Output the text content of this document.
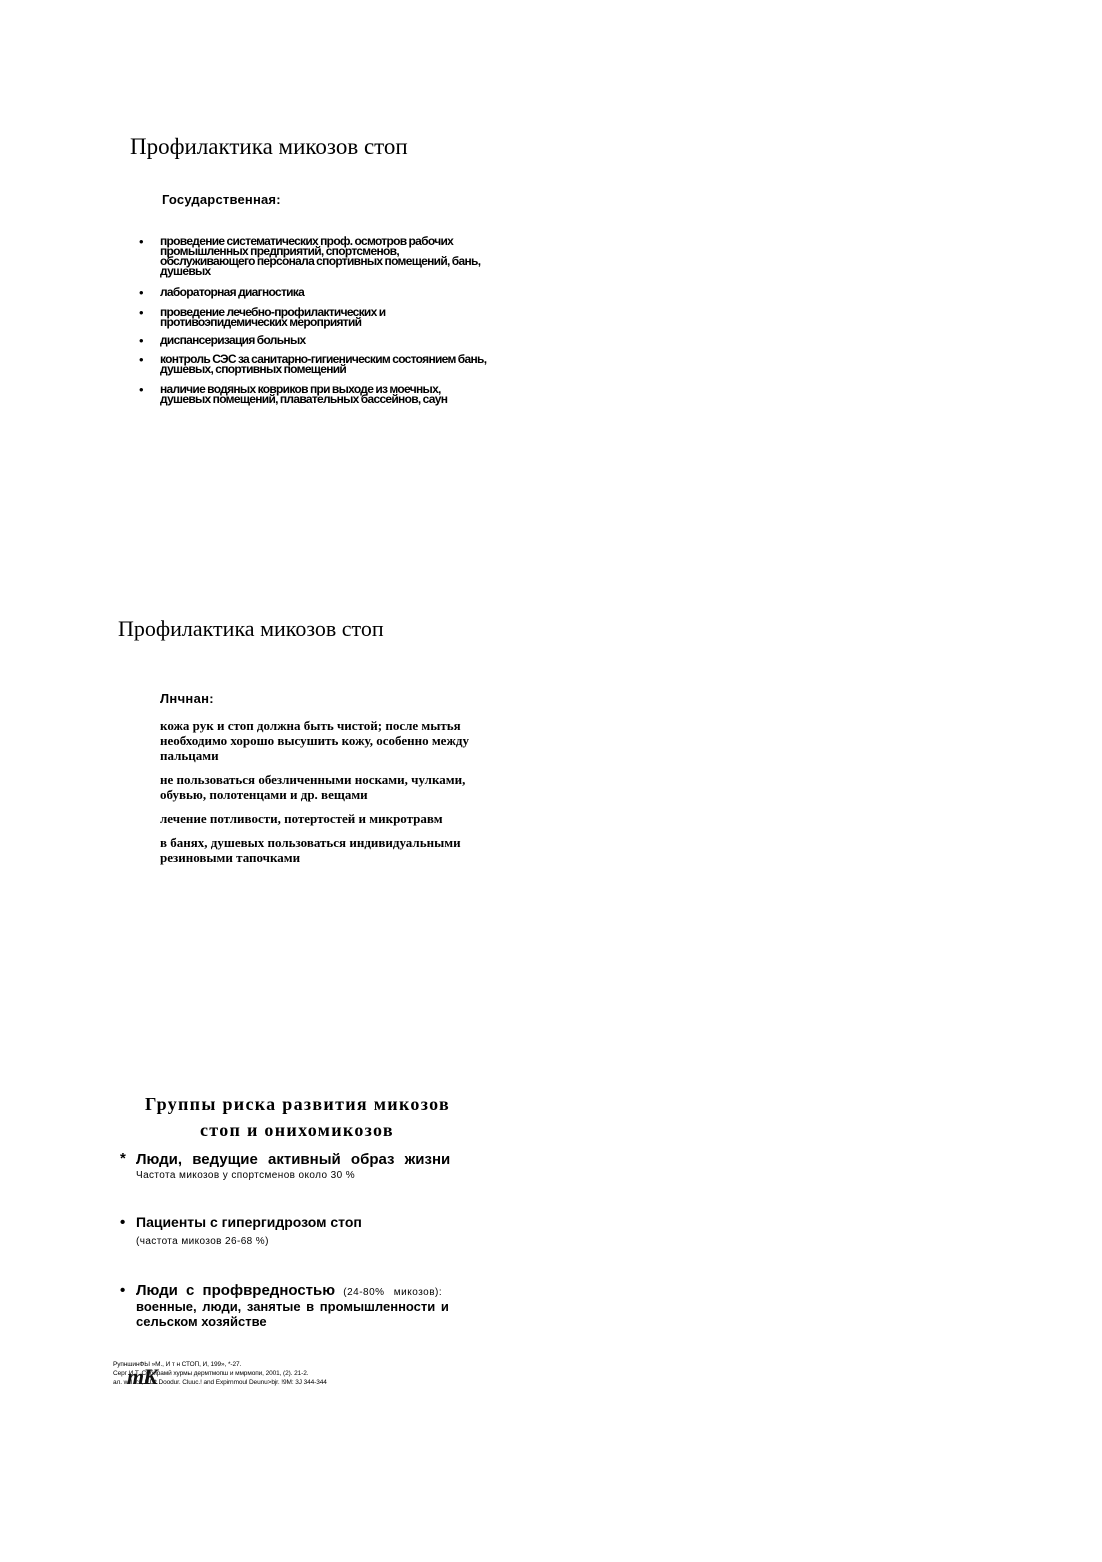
Профилактика микозов стоп
Государственная:
• проведение систематических проф. осмотров рабочих промышленных предприятий, спортсменов, обслуживающего персонала спортивных помещений, бань, душевых
• лабораторная диагностика
• проведение лечебно-профилактических и противоэпидемических мероприятий
• диспансеризация больных
• контроль СЭС за санитарно-гигиеническим состоянием бань, душевых, спортивных помещений
• наличие водяных ковриков при выходе из моечных, душевых помещений, плавательных бассейнов, саун
Профилактика микозов стоп
Лнчнан:
кожа рук и стоп должна быть чистой; после мытья необходимо хорошо высушить кожу, особенно между пальцами
не пользоваться обезличенными носками, чулками, обувью, полотенцами и др. вещами
лечение потливости, потертостей и микротравм
в банях, душевых пользоваться индивидуальными резиновыми тапочками
Группы риска развития микозов
стоп и онихомикозов
* Люди, ведущие активный образ жизни
Частота микозов у спортсменов около 30 %
• Пациенты с гипергидрозом стоп
(частота микозов 26-68 %)
• Люди с профвредностью (24-80% микозов):
военные, люди, занятые в промышленности и
сельском хозяйстве
РупншинФЫ »М., И т н СТОП, И, 199», *-27.
Серг И.Т. Сибирамй хурмы дермтмопш и ммрмопи, 2001, (2). 21-2.
ал. w.ll.fc*, P.D* Doodur. Cluuc.! and Expirnmoul Deunu>bjr. !9M: 3J 344-344
mK
